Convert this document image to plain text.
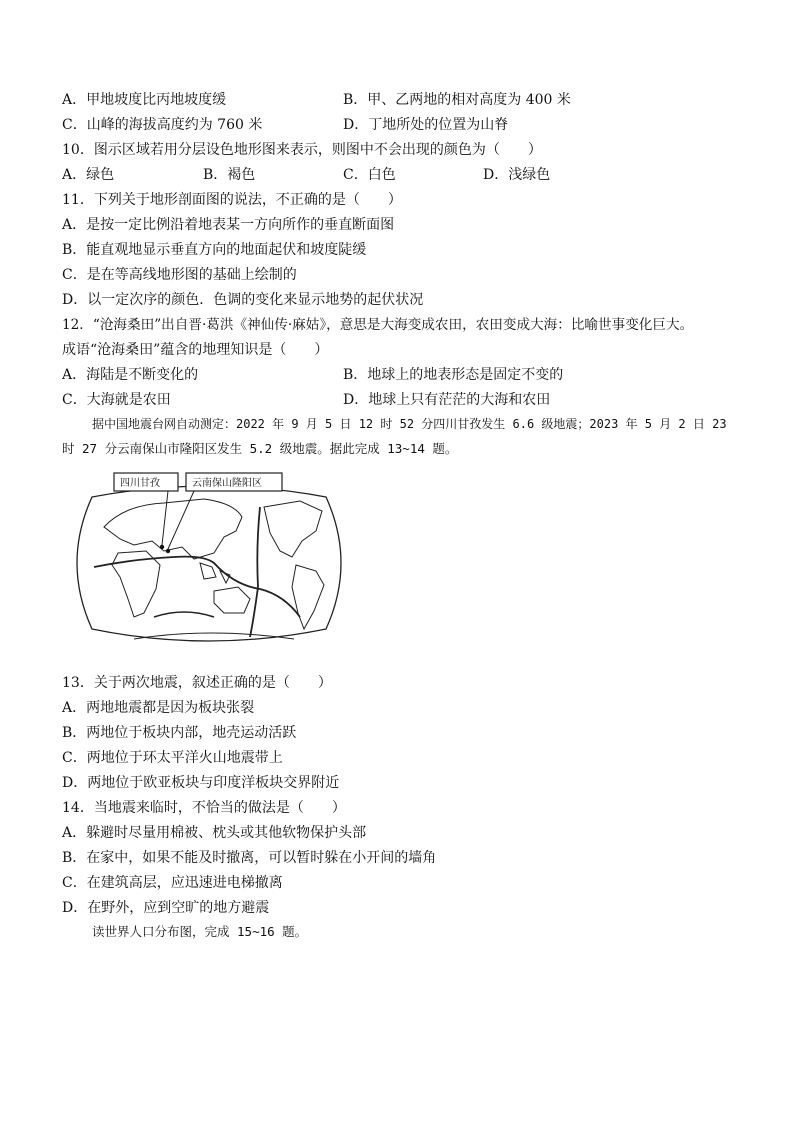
A．甲地坡度比丙地坡度缓	B．甲、乙两地的相对高度为 400 米
C．山峰的海拔高度约为 760 米	D．丁地所处的位置为山脊
10．图示区域若用分层设色地形图来表示，则图中不会出现的颜色为（　　）
A．绿色	B．褐色	C．白色	D．浅绿色
11．下列关于地形剖面图的说法，不正确的是（　　）
A．是按一定比例沿着地表某一方向所作的垂直断面图
B．能直观地显示垂直方向的地面起伏和坡度陡缓
C．是在等高线地形图的基础上绘制的
D．以一定次序的颜色．色调的变化来显示地势的起伏状况
12．“沧海桑田”出自晋·葛洪《神仙传·麻姑》，意思是大海变成农田，农田变成大海：比喻世事变化巨大。
成语“沧海桑田”蕴含的地理知识是（　　）
A．海陆是不断变化的	B．地球上的地表形态是固定不变的
C．大海就是农田	D．地球上只有茫茫的大海和农田
据中国地震台网自动测定：2022 年 9 月 5 日 12 时 52 分四川甘孜发生 6.6 级地震；2023 年 5 月 2 日 23
时 27 分云南保山市隆阳区发生 5.2 级地震。据此完成 13~14 题。
四川甘孜	云南保山隆阳区
13．关于两次地震，叙述正确的是（　　）
A．两地地震都是因为板块张裂
B．两地位于板块内部，地壳运动活跃
C．两地位于环太平洋火山地震带上
D．两地位于欧亚板块与印度洋板块交界附近
14．当地震来临时，不恰当的做法是（　　）
A．躲避时尽量用棉被、枕头或其他软物保护头部
B．在家中，如果不能及时撤离，可以暂时躲在小开间的墙角
C．在建筑高层，应迅速进电梯撤离
D．在野外，应到空旷的地方避震
读世界人口分布图，完成 15~16 题。
